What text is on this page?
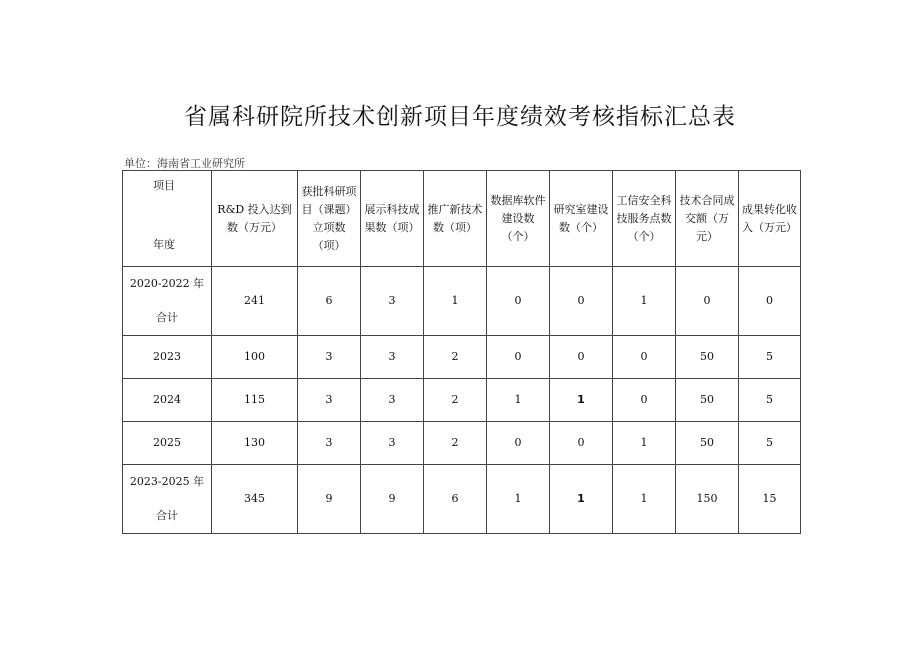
省属科研院所技术创新项目年度绩效考核指标汇总表
单位：海南省工业研究所
项目
年度	R&D 投入达到数（万元）	获批科研项目（课题）立项数（项）	展示科技成果数（项）	推广新技术数（项）	数据库软件建设数（个）	研究室建设数（个）	工信安全科技服务点数（个）	技术合同成交额（万元）	成果转化收入（万元）

2020-2022 年
合计	241	6	3	1	0	0	1	0	0
2023	100	3	3	2	0	0	0	50	5
2024	115	3	3	2	1	1	0	50	5
2025	130	3	3	2	0	0	1	50	5

2023-2025 年
合计	345	9	9	6	1	1	1	150	15
